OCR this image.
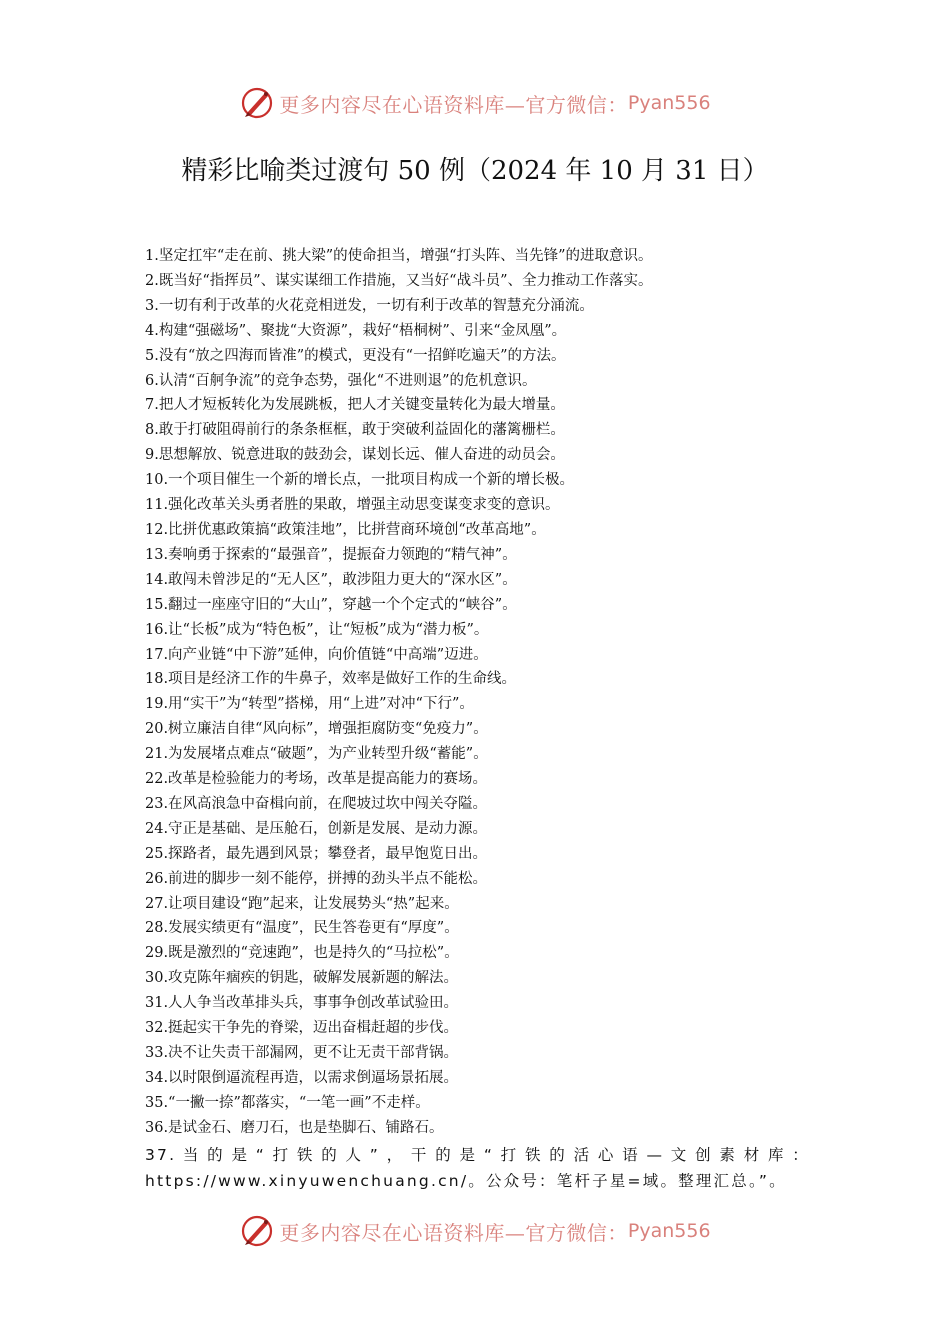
更多内容尽在心语资料库—官方微信： Pyan556
精彩比喻类过渡句 50 例（2024 年 10 月 31 日）
1.坚定扛牢“走在前、挑大梁”的使命担当，增强“打头阵、当先锋”的进取意识。
2.既当好“指挥员”、谋实谋细工作措施，又当好“战斗员”、全力推动工作落实。
3.一切有利于改革的火花竞相迸发，一切有利于改革的智慧充分涌流。
4.构建“强磁场”、聚拢“大资源”，栽好“梧桐树”、引来“金凤凰”。
5.没有“放之四海而皆准”的模式，更没有“一招鲜吃遍天”的方法。
6.认清“百舸争流”的竞争态势，强化“不进则退”的危机意识。
7.把人才短板转化为发展跳板，把人才关键变量转化为最大增量。
8.敢于打破阻碍前行的条条框框，敢于突破利益固化的藩篱栅栏。
9.思想解放、锐意进取的鼓劲会，谋划长远、催人奋进的动员会。
10.一个项目催生一个新的增长点，一批项目构成一个新的增长极。
11.强化改革关头勇者胜的果敢，增强主动思变谋变求变的意识。
12.比拼优惠政策搞“政策洼地”，比拼营商环境创“改革高地”。
13.奏响勇于探索的“最强音”，提振奋力领跑的“精气神”。
14.敢闯未曾涉足的“无人区”，敢涉阻力更大的“深水区”。
15.翻过一座座守旧的“大山”，穿越一个个定式的“峡谷”。
16.让“长板”成为“特色板”，让“短板”成为“潜力板”。
17.向产业链“中下游”延伸，向价值链“中高端”迈进。
18.项目是经济工作的牛鼻子，效率是做好工作的生命线。
19.用“实干”为“转型”搭梯，用“上进”对冲“下行”。
20.树立廉洁自律“风向标”，增强拒腐防变“免疫力”。
21.为发展堵点难点“破题”，为产业转型升级“蓄能”。
22.改革是检验能力的考场，改革是提高能力的赛场。
23.在风高浪急中奋楫向前，在爬坡过坎中闯关夺隘。
24.守正是基础、是压舱石，创新是发展、是动力源。
25.探路者，最先遇到风景；攀登者，最早饱览日出。
26.前进的脚步一刻不能停，拼搏的劲头半点不能松。
27.让项目建设“跑”起来，让发展势头“热”起来。
28.发展实绩更有“温度”，民生答卷更有“厚度”。
29.既是激烈的“竞速跑”，也是持久的“马拉松”。
30.攻克陈年痼疾的钥匙，破解发展新题的解法。
31.人人争当改革排头兵，事事争创改革试验田。
32.挺起实干争先的脊梁，迈出奋楫赶超的步伐。
33.决不让失责干部漏网，更不让无责干部背锅。
34.以时限倒逼流程再造，以需求倒逼场景拓展。
35.“一撇一捺”都落实，“一笔一画”不走样。
36.是试金石、磨刀石，也是垫脚石、铺路石。
37.当的是“打铁的人”，干的是“打铁的活心语—文创素材库：https://www.xinyuwenchuang.cn/。公众号：笔杆子星=域。整理汇总。”。
更多内容尽在心语资料库—官方微信： Pyan556
